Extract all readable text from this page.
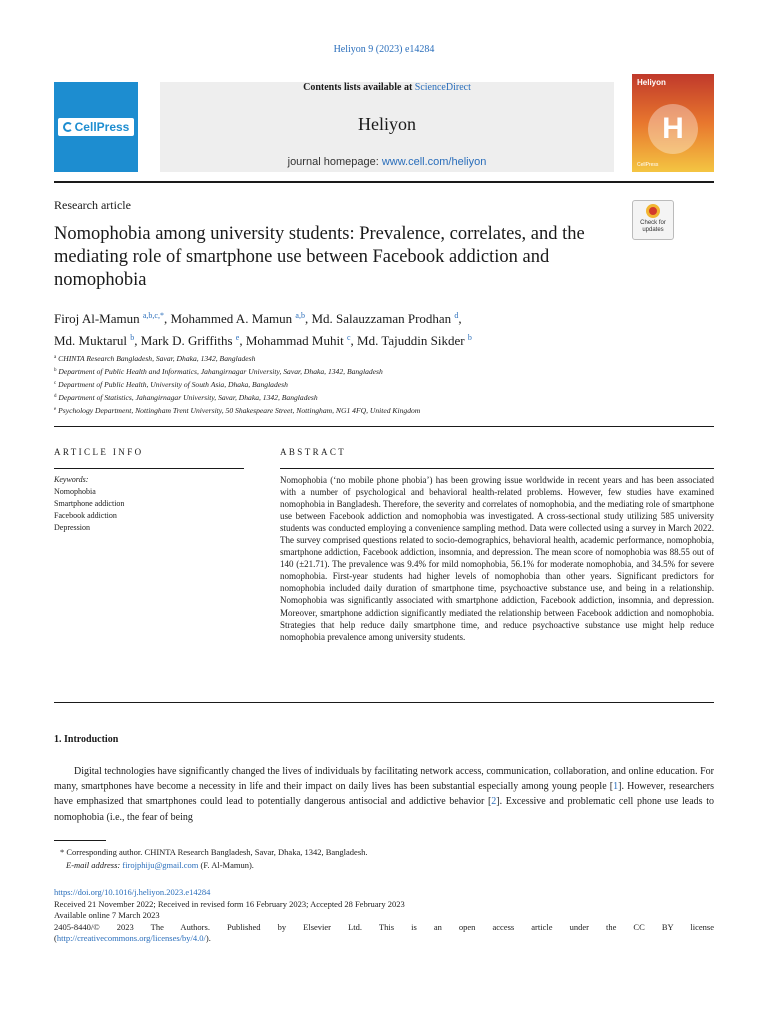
Heliyon 9 (2023) e14284
CellPress
Contents lists available at ScienceDirect
Heliyon
journal homepage: www.cell.com/heliyon
Heliyon
H
CellPress
Research article
Check for
updates
Nomophobia among university students: Prevalence, correlates, and the mediating role of smartphone use between Facebook addiction and nomophobia
Firoj Al-Mamun $^{a,b,c,*}$, Mohammed A. Mamun $^{a,b}$, Md. Salauzzaman Prodhan $^d$,
Md. Muktarul $^b$, Mark D. Griffiths $^e$, Mohammad Muhit $^c$, Md. Tajuddin Sikder $^b$
$^a$ CHINTA Research Bangladesh, Savar, Dhaka, 1342, Bangladesh
$^b$ Department of Public Health and Informatics, Jahangirnagar University, Savar, Dhaka, 1342, Bangladesh
$^c$ Department of Public Health, University of South Asia, Dhaka, Bangladesh
$^d$ Department of Statistics, Jahangirnagar University, Savar, Dhaka, 1342, Bangladesh
$^e$ Psychology Department, Nottingham Trent University, 50 Shakespeare Street, Nottingham, NG1 4FQ, United Kingdom
ARTICLE INFO	ABSTRACT
Keywords:
Nomophobia
Smartphone addiction
Facebook addiction
Depression

Nomophobia (‘no mobile phone phobia’) has been growing issue worldwide in recent years and has been associated with a number of psychological and behavioral health-related problems. However, few studies have examined nomophobia in Bangladesh. Therefore, the severity and correlates of nomophobia, and the mediating role of smartphone use between Facebook addiction and nomophobia was investigated. A cross-sectional study utilizing 585 university students was conducted employing a convenience sampling method. Data were collected using a survey in March 2022. The survey comprised questions related to socio-demographics, behavioral health, academic performance, nomophobia, smartphone addiction, Facebook addiction, insomnia, and depression. The mean score of nomophobia was 88.55 out of 140 (±21.71). The prevalence was 9.4% for mild nomophobia, 56.1% for moderate nomophobia, and 34.5% for severe nomophobia. First-year students had higher levels of nomophobia than other years. Significant predictors for nomophobia included daily duration of smartphone time, psychoactive substance use, and being in a relationship. Nomophobia was significantly associated with smartphone addiction, Facebook addiction, insomnia, and depression. Moreover, smartphone addiction significantly mediated the relationship between Facebook addiction and nomophobia. Strategies that help reduce daily smartphone time, and reduce psychoactive substance use might help reduce nomophobia prevalence among university students.

1. Introduction

Digital technologies have significantly changed the lives of individuals by facilitating network access, communication, collaboration, and online education. For many, smartphones have become a necessity in life and their impact on daily lives has been substantial especially among young people [1]. However, researchers have emphasized that smartphones could lead to potentially dangerous antisocial and addictive behavior [2]. Excessive and problematic cell phone use leads to nomophobia (i.e., the fear of being

* Corresponding author. CHINTA Research Bangladesh, Savar, Dhaka, 1342, Bangladesh.
E-mail address: firojphiju@gmail.com (F. Al-Mamun).
https://doi.org/10.1016/j.heliyon.2023.e14284
Received 21 November 2022; Received in revised form 16 February 2023; Accepted 28 February 2023
Available online 7 March 2023
2405-8440/© 2023 The Authors. Published by Elsevier Ltd. This is an open access article under the CC BY license
(http://creativecommons.org/licenses/by/4.0/).
